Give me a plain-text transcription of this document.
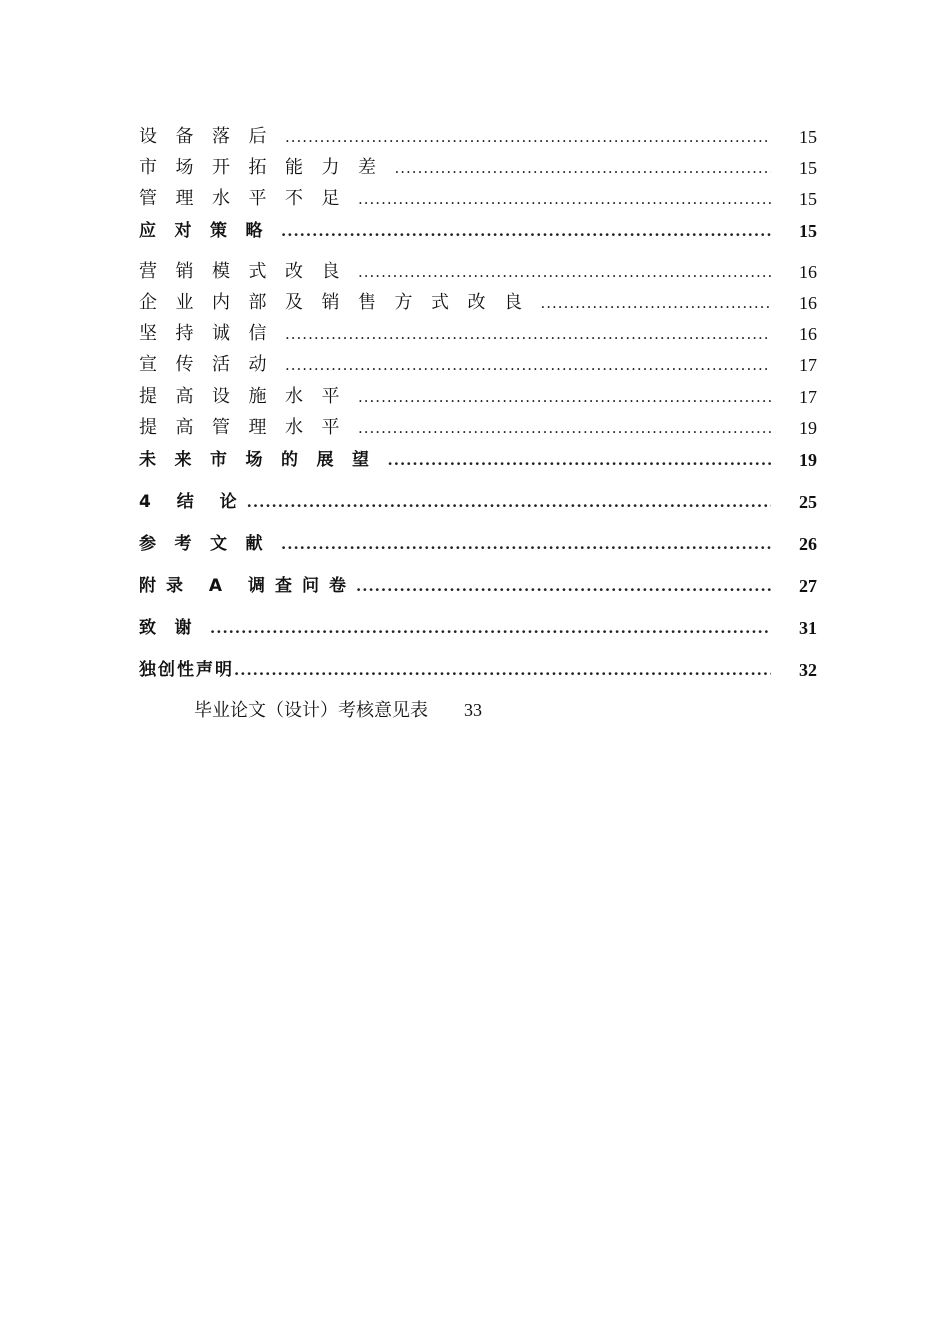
设备落后 .....	15
市场开拓能力差 .....	15
管理水平不足 .....	15
应对策略 .....	15
营销模式改良 .....	16
企业内部及销售方式改良 .....	16
坚持诚信 .....	16
宣传活动 .....	17
提高设施水平 .....	17
提高管理水平 .....	19
未来市场的展望 .....	19
4 结 论 .....	25
参考文献 .....	26
附录 A 调查问卷 .....	27
致谢 .....	31
独创性声明 .....	32
毕业论文（设计）考核意见表 33
